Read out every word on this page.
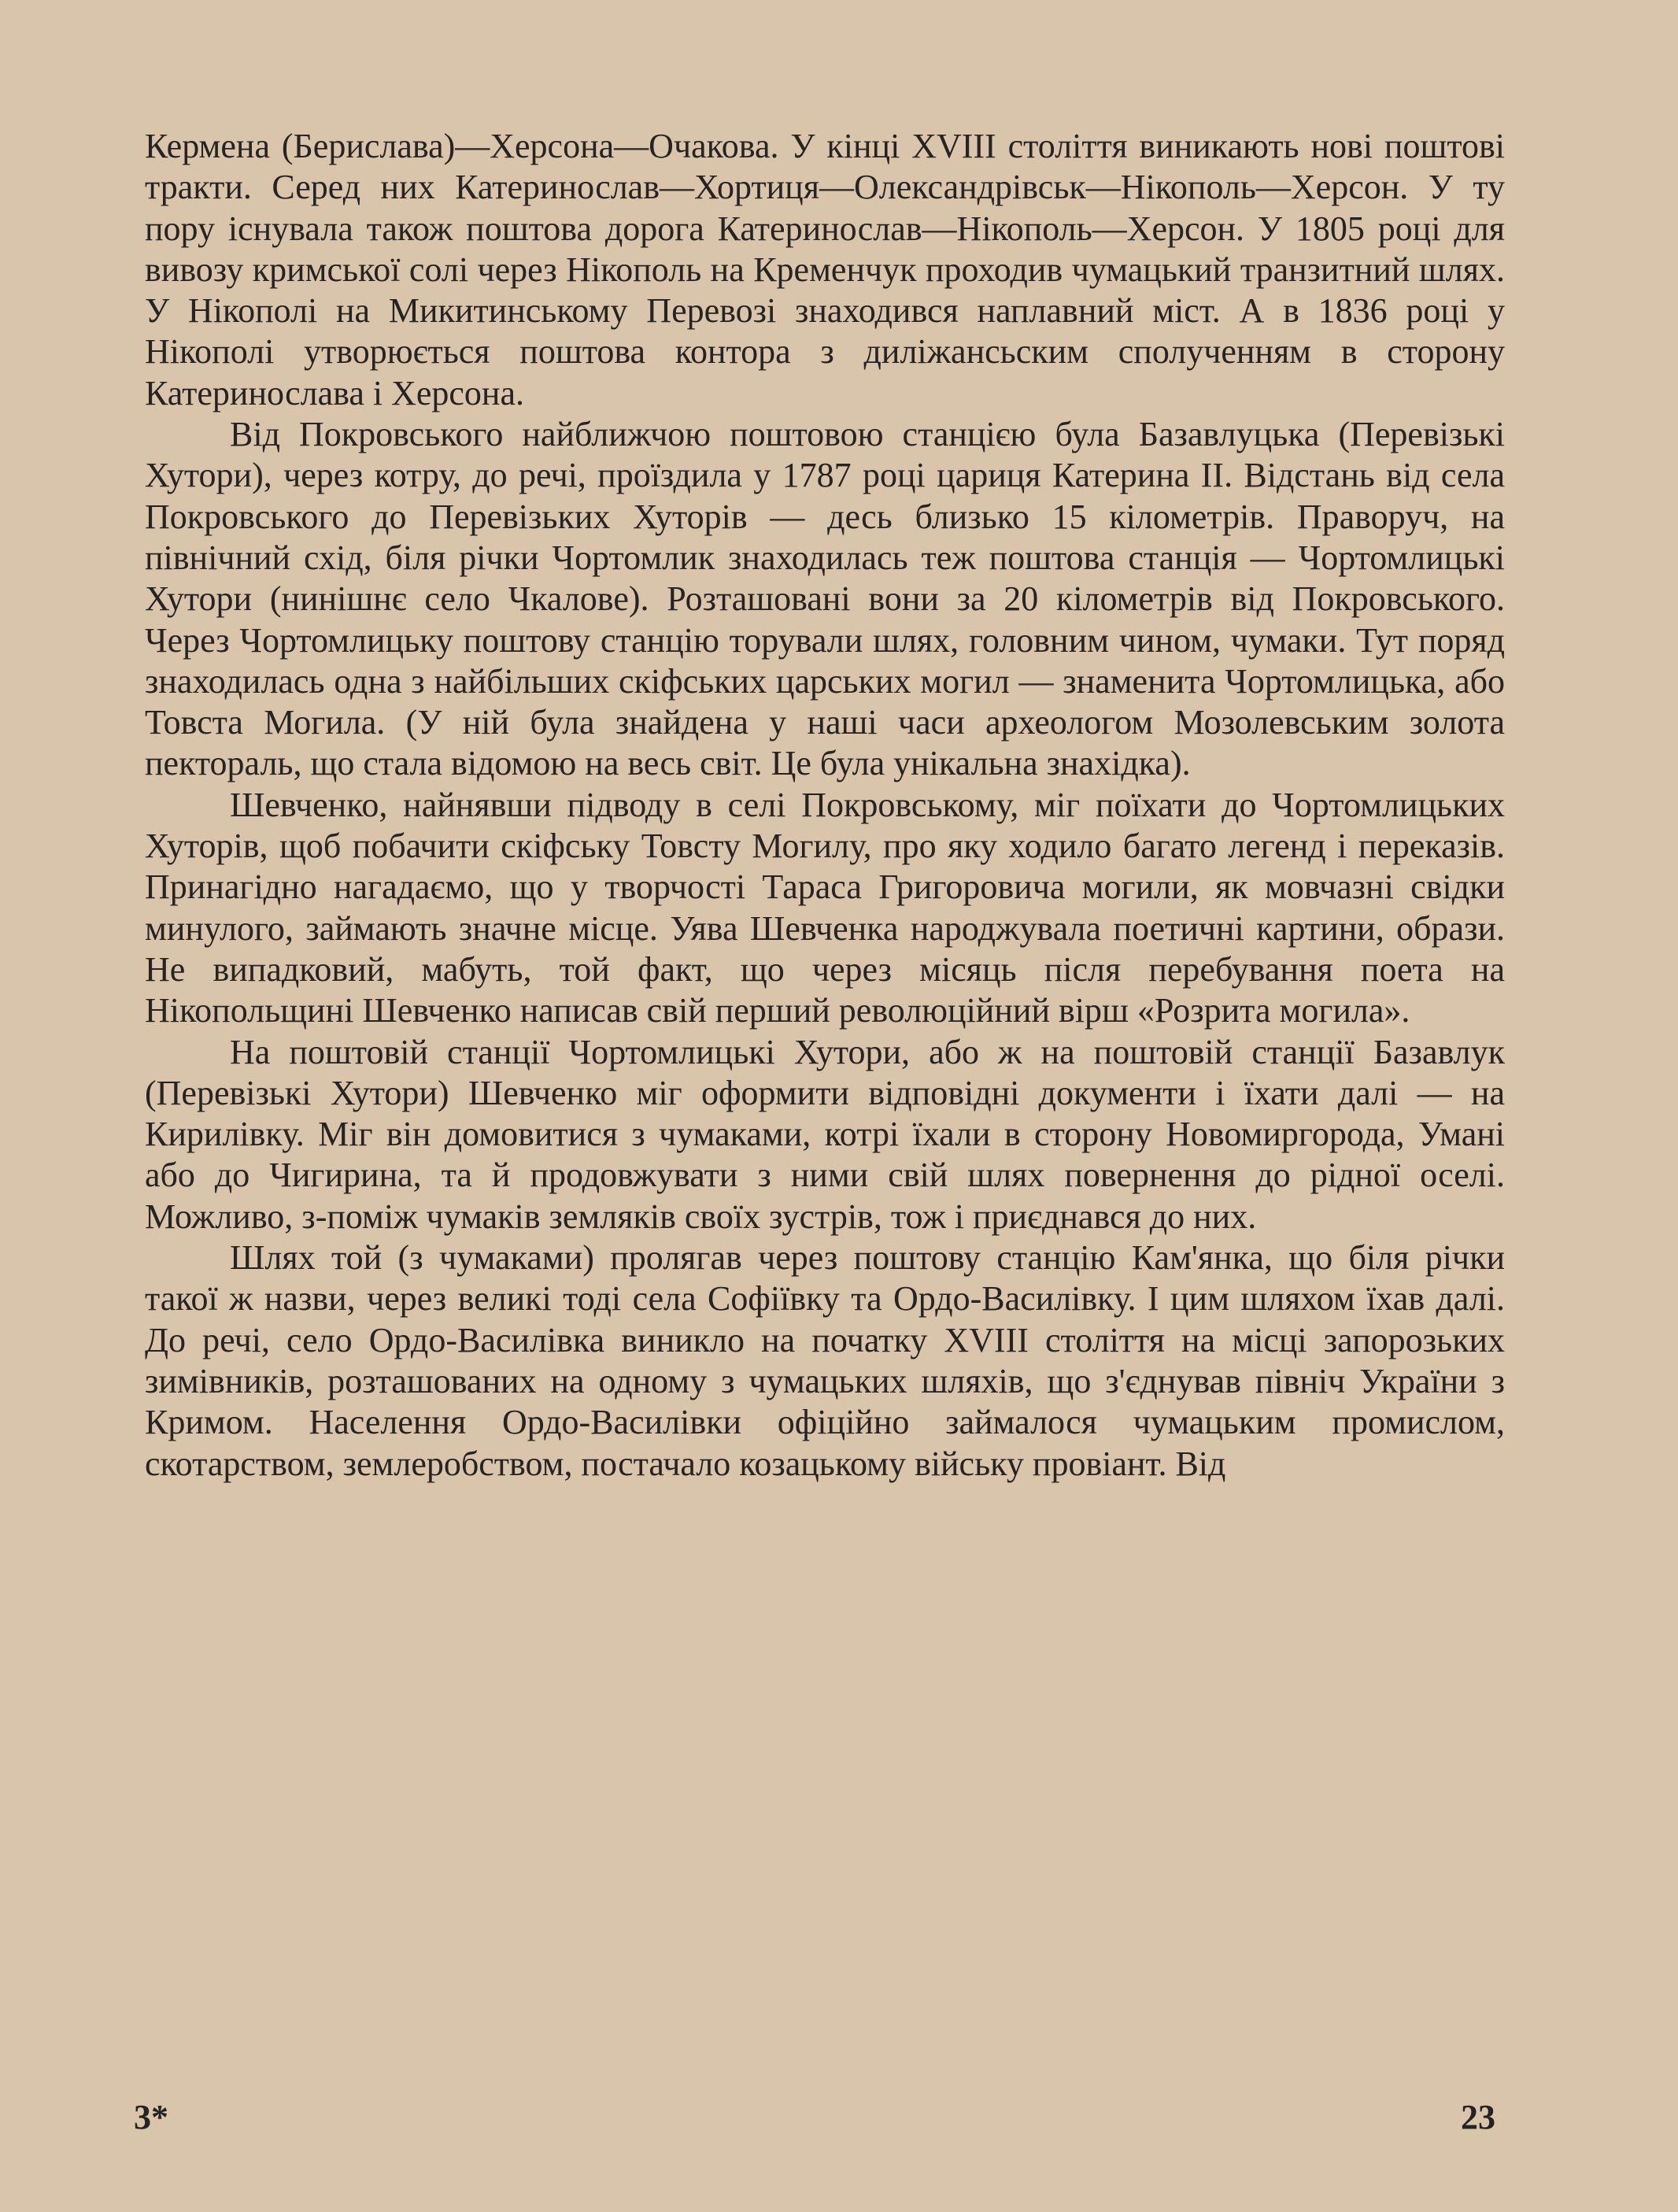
Кермена (Берислава)—Херсона—Очакова. У кінці XVIII століття виникають нові поштові тракти. Серед них Катеринослав—Хортиця—Олександрівськ—Нікополь—Херсон. У ту пору існувала також поштова дорога Катеринослав—Нікополь—Херсон. У 1805 році для вивозу кримської солі через Нікополь на Кременчук проходив чумацький транзитний шлях. У Нікополі на Микитинському Перевозі знаходився наплавний міст. А в 1836 році у Нікополі утворюється поштова контора з диліжансьским сполученням в сторону Катеринослава і Херсона.

Від Покровського найближчою поштовою станцією була Базавлуцька (Перевізькі Хутори), через котру, до речі, проїздила у 1787 році цариця Катерина II. Відстань від села Покровського до Перевізьких Хуторів — десь близько 15 кілометрів. Праворуч, на північний схід, біля річки Чортомлик знаходилась теж поштова станція — Чортомлицькі Хутори (нинішнє село Чкалове). Розташовані вони за 20 кілометрів від Покровського. Через Чортомлицьку поштову станцію торували шлях, головним чином, чумаки. Тут поряд знаходилась одна з найбільших скіфських царських могил — знаменита Чортомлицька, або Товста Могила. (У ній була знайдена у наші часи археологом Мозолевським золота пектораль, що стала відомою на весь світ. Це була унікальна знахідка).

Шевченко, найнявши підводу в селі Покровському, міг поїхати до Чортомлицьких Хуторів, щоб побачити скіфську Товсту Могилу, про яку ходило багато легенд і переказів. Принагідно нагадаємо, що у творчості Тараса Григоровича могили, як мовчазні свідки минулого, займають значне місце. Уява Шевченка народжувала поетичні картини, образи. Не випадковий, мабуть, той факт, що через місяць після перебування поета на Нікопольщині Шевченко написав свій перший революційний вірш «Розрита могила».

На поштовій станції Чортомлицькі Хутори, або ж на поштовій станції Базавлук (Перевізькі Хутори) Шевченко міг оформити відповідні документи і їхати далі — на Кирилівку. Міг він домовитися з чумаками, котрі їхали в сторону Новомиргорода, Умані або до Чигирина, та й продовжувати з ними свій шлях повернення до рідної оселі. Можливо, з-поміж чумаків земляків своїх зустрів, тож і приєднався до них.

Шлях той (з чумаками) пролягав через поштову станцію Кам'янка, що біля річки такої ж назви, через великі тоді села Софіївку та Ордо-Василівку. І цим шляхом їхав далі. До речі, село Ордо-Василівка виникло на початку XVIII століття на місці запорозьких зимівників, розташованих на одному з чумацьких шляхів, що з'єднував північ України з Кримом. Населення Ордо-Василівки офіційно займалося чумацьким промислом, скотарством, землеробством, постачало козацькому війську провіант. Від

3*	23
